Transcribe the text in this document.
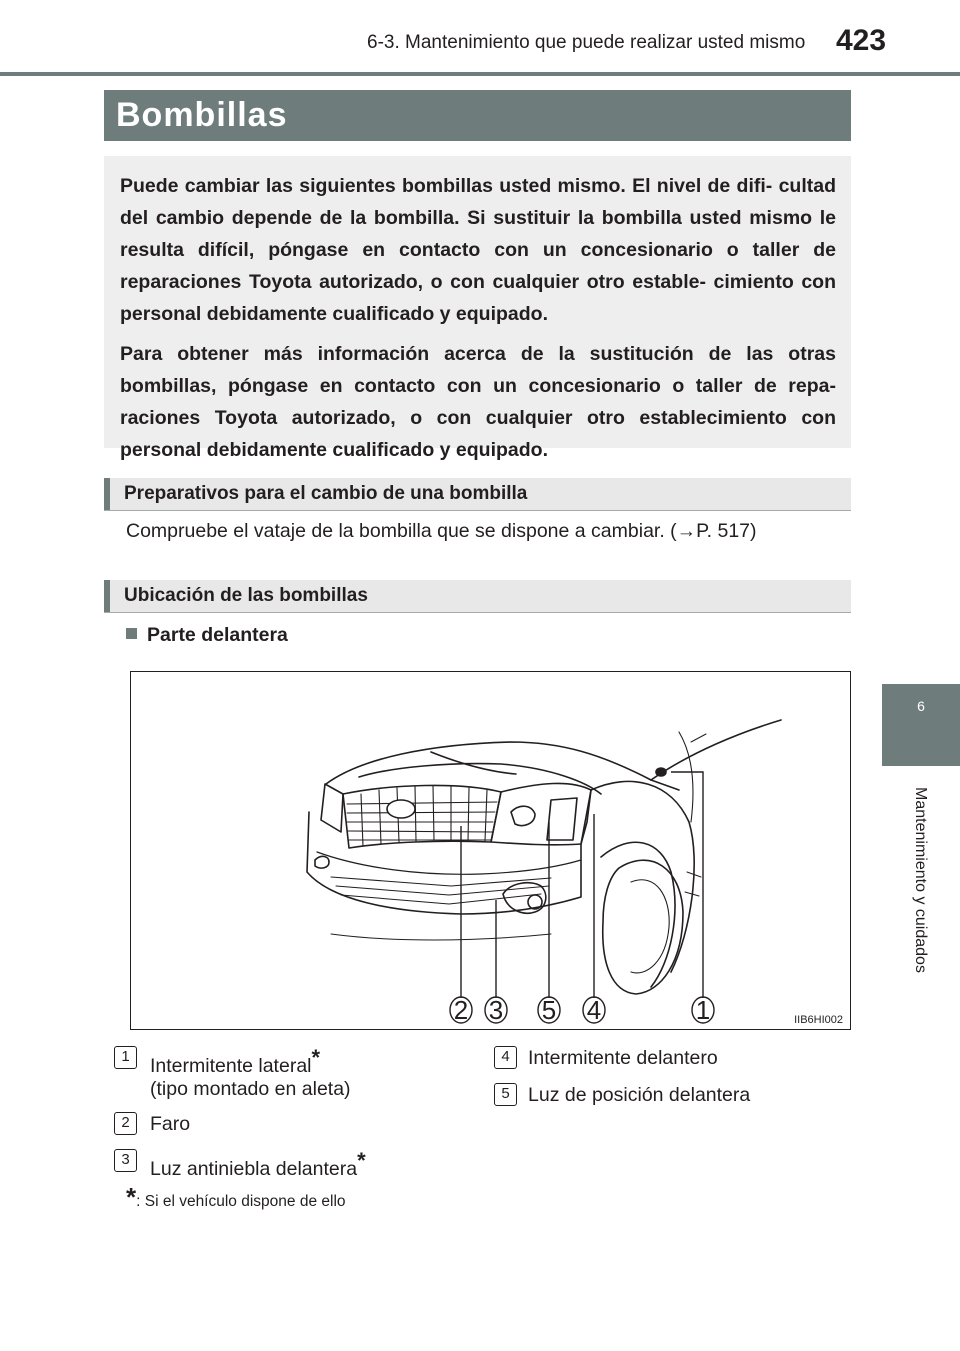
6-3. Mantenimiento que puede realizar usted mismo 423
Bombillas

Puede cambiar las siguientes bombillas usted mismo. El nivel de difi- cultad del cambio depende de la bombilla. Si sustituir la bombilla usted mismo le resulta difícil, póngase en contacto con un concesionario o taller de reparaciones Toyota autorizado, o con cualquier otro estable- cimiento con personal debidamente cualificado y equipado.

Para obtener más información acerca de la sustitución de las otras bombillas, póngase en contacto con un concesionario o taller de repa- raciones Toyota autorizado, o con cualquier otro establecimiento con personal debidamente cualificado y equipado.

Preparativos para el cambio de una bombilla
Compruebe el vataje de la bombilla que se dispone a cambiar. (→P. 517)
Ubicación de las bombillas
Parte delantera
2 3 5 4	1	IIB6HI002
1	Intermitente lateral*
(tipo montado en aleta)
2	Faro
3	Luz antiniebla delantera*
4 Intermitente delantero
5 Luz de posición delantera
*: Si el vehículo dispone de ello
6
Mantenimiento y cuidados
